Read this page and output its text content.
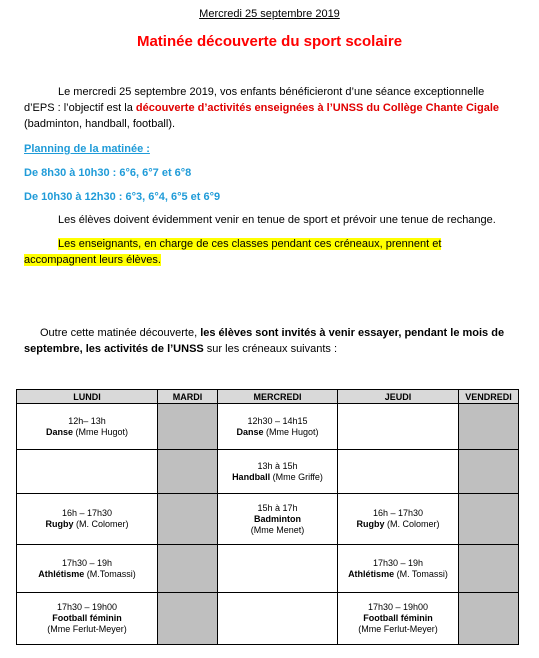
Mercredi 25 septembre 2019
Matinée découverte du sport scolaire
Le mercredi 25 septembre 2019, vos enfants bénéficieront d’une séance exceptionnelle d’EPS : l’objectif est la découverte d’activités enseignées à l’UNSS du Collège Chante Cigale (badminton, handball, football).
Planning de la matinée :
De 8h30 à 10h30 : 6°6, 6°7 et 6°8
De 10h30 à 12h30 : 6°3, 6°4, 6°5 et 6°9
Les élèves doivent évidemment venir en tenue de sport et prévoir une tenue de rechange.
Les enseignants, en charge de ces classes pendant ces créneaux, prennent et accompagnent leurs élèves.
Outre cette matinée découverte, les élèves sont invités à venir essayer, pendant le mois de septembre, les activités de l’UNSS sur les créneaux suivants :
LUNDI	MARDI	MERCREDI	JEUDI	VENDREDI

12h– 13h
Danse (Mme Hugot)		12h30 – 14h15
Danse (Mme Hugot)		

		13h à 15h
Handball (Mme Griffe)		

16h – 17h30
Rugby (M. Colomer)		15h à 17h
Badminton
(Mme Menet)	16h – 17h30
Rugby (M. Colomer)	

17h30 – 19h
Athlétisme (M.Tomassi)			17h30 – 19h
Athlétisme (M. Tomassi)	

17h30 – 19h00
Football féminin
(Mme Ferlut-Meyer)			17h30 – 19h00
Football féminin
(Mme Ferlut-Meyer)	
